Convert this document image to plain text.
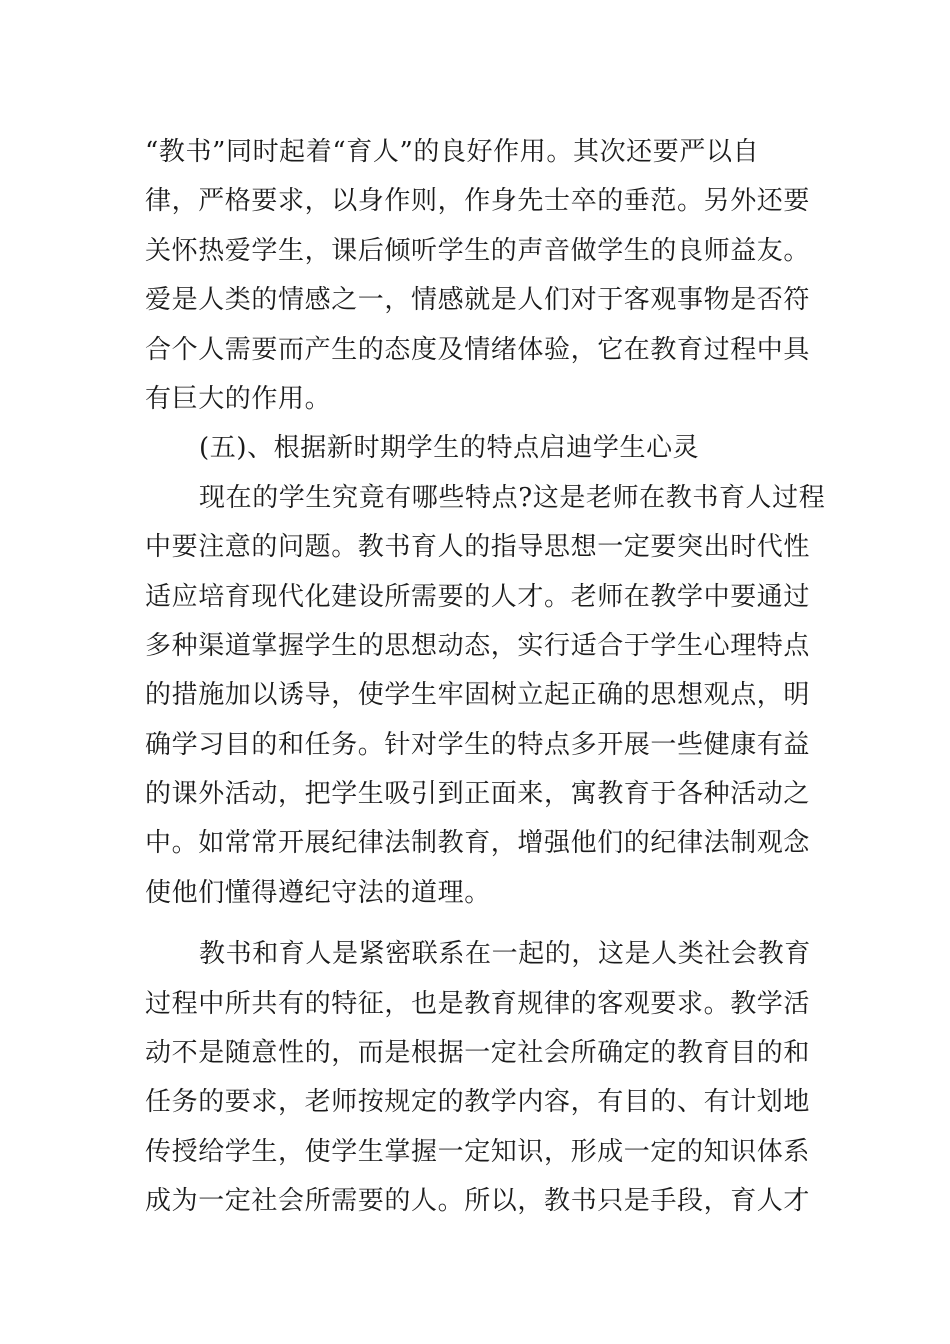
“教书”同时起着“育人”的良好作用。其次还要严以自
律，严格要求，以身作则，作身先士卒的垂范。另外还要
关怀热爱学生，课后倾听学生的声音做学生的良师益友。
爱是人类的情感之一，情感就是人们对于客观事物是否符
合个人需要而产生的态度及情绪体验，它在教育过程中具
有巨大的作用。
(五)、根据新时期学生的特点启迪学生心灵
现在的学生究竟有哪些特点?这是老师在教书育人过程
中要注意的问题。教书育人的指导思想一定要突出时代性
适应培育现代化建设所需要的人才。老师在教学中要通过
多种渠道掌握学生的思想动态，实行适合于学生心理特点
的措施加以诱导，使学生牢固树立起正确的思想观点，明
确学习目的和任务。针对学生的特点多开展一些健康有益
的课外活动，把学生吸引到正面来，寓教育于各种活动之
中。如常常开展纪律法制教育，增强他们的纪律法制观念
使他们懂得遵纪守法的道理。
教书和育人是紧密联系在一起的，这是人类社会教育
过程中所共有的特征，也是教育规律的客观要求。教学活
动不是随意性的，而是根据一定社会所确定的教育目的和
任务的要求，老师按规定的教学内容，有目的、有计划地
传授给学生，使学生掌握一定知识，形成一定的知识体系
成为一定社会所需要的人。所以，教书只是手段，育人才
